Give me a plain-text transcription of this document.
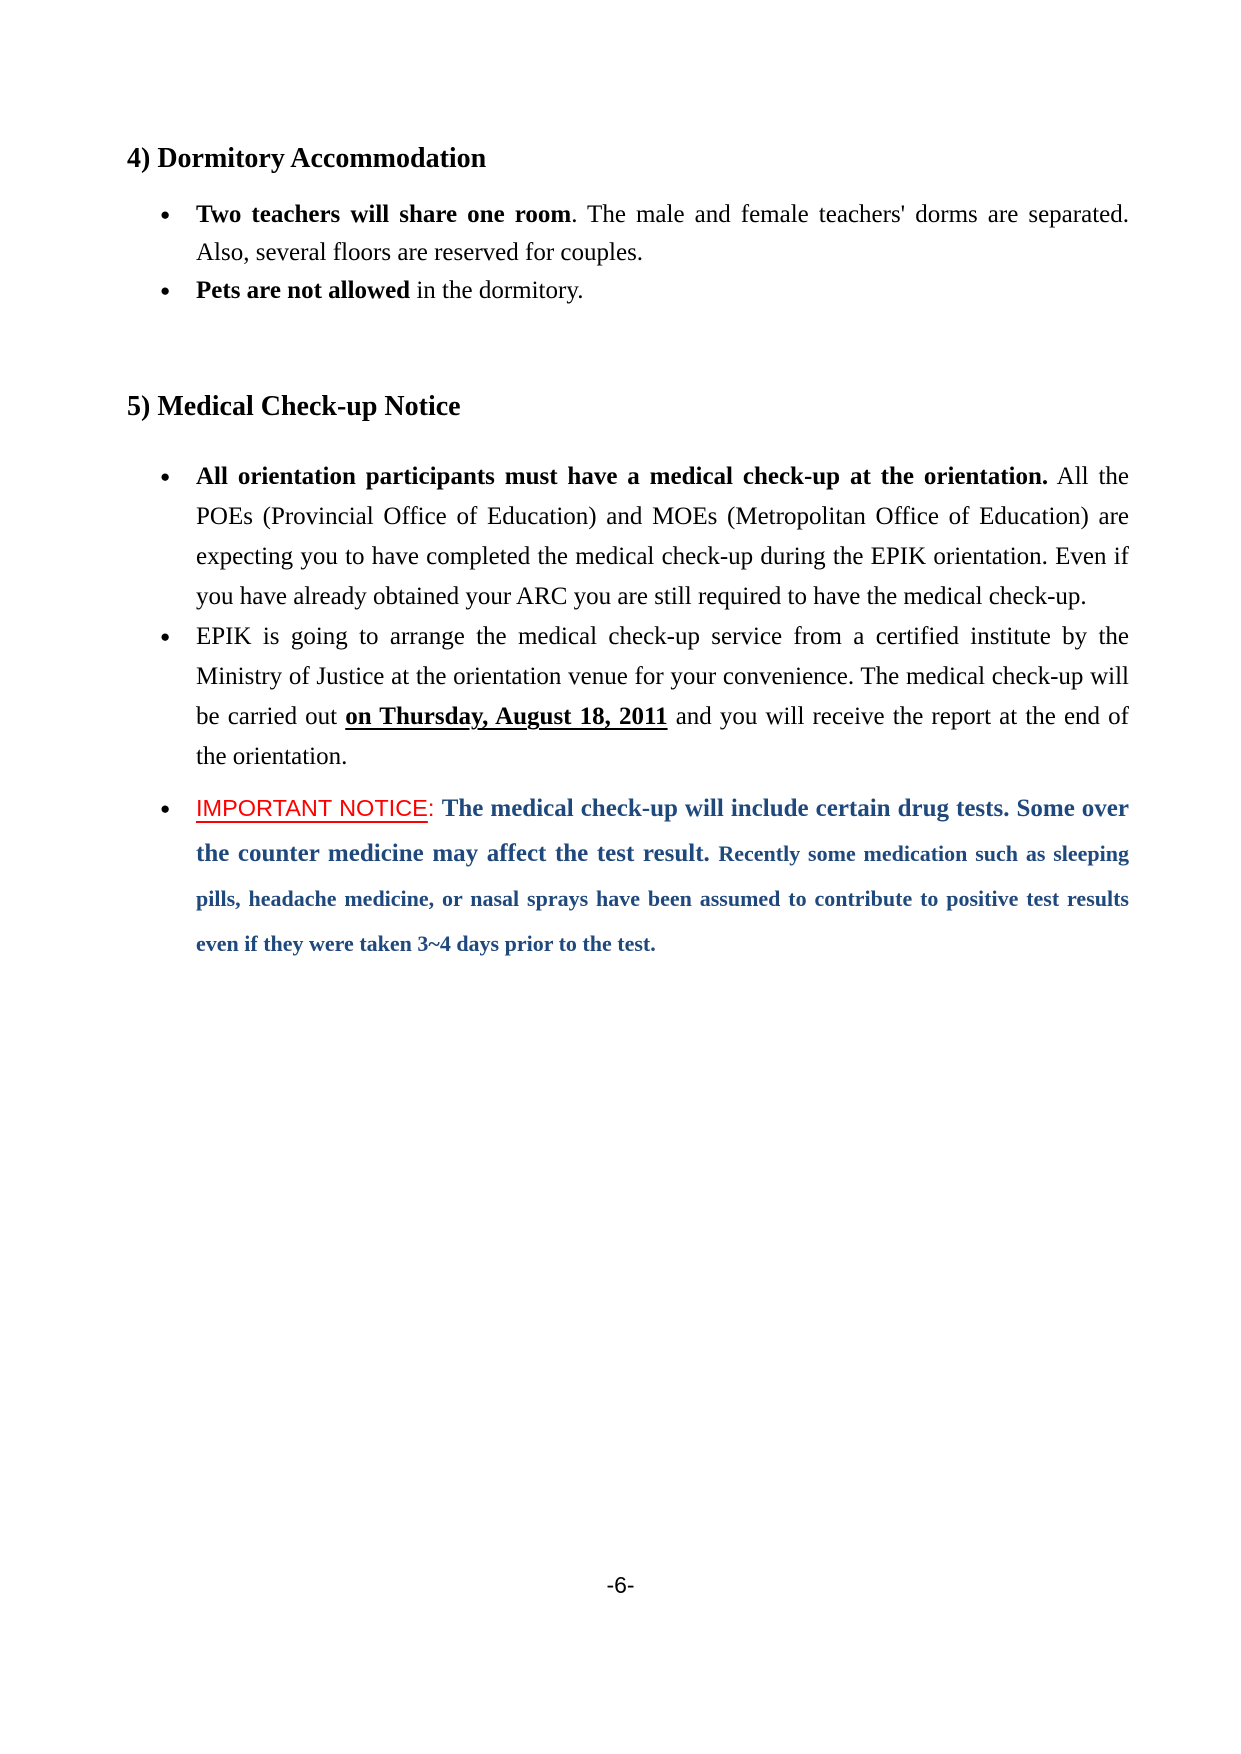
4) Dormitory Accommodation

● Two teachers will share one room. The male and female teachers' dorms are separated. Also, several floors are reserved for couples.

● Pets are not allowed in the dormitory.

5) Medical Check-up Notice

● All orientation participants must have a medical check-up at the orientation. All the POEs (Provincial Office of Education) and MOEs (Metropolitan Office of Education) are expecting you to have completed the medical check-up during the EPIK orientation. Even if you have already obtained your ARC you are still required to have the medical check-up.

● EPIK is going to arrange the medical check-up service from a certified institute by the Ministry of Justice at the orientation venue for your convenience. The medical check-up will be carried out on Thursday, August 18, 2011 and you will receive the report at the end of the orientation.

● IMPORTANT NOTICE: The medical check-up will include certain drug tests. Some over the counter medicine may affect the test result. Recently some medication such as sleeping pills, headache medicine, or nasal sprays have been assumed to contribute to positive test results even if they were taken 3~4 days prior to the test.

-6-
